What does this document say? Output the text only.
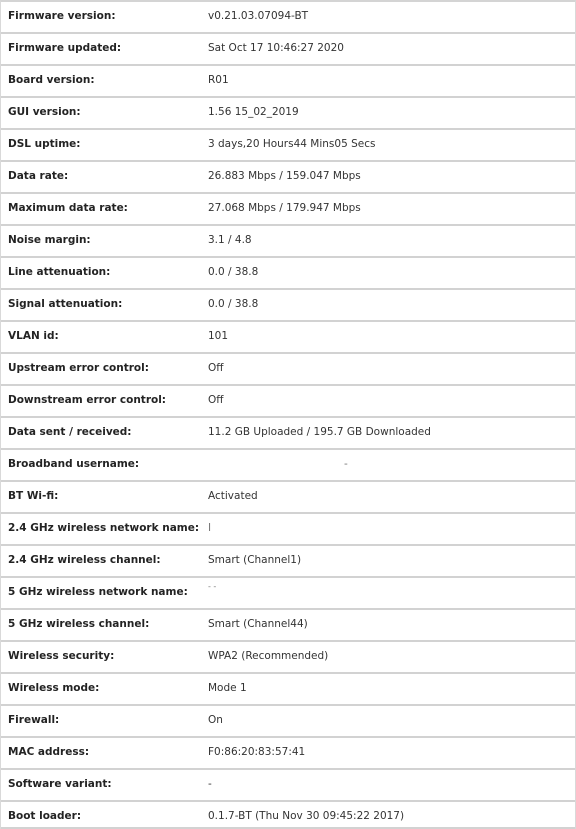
Firmware version:	v0.21.03.07094-BT
Firmware updated:	Sat Oct 17 10:46:27 2020
Board version:	R01
GUI version:	1.56 15_02_2019
DSL uptime:	3 days,20 Hours44 Mins05 Secs
Data rate:	26.883 Mbps / 159.047 Mbps
Maximum data rate:	27.068 Mbps / 179.947 Mbps
Noise margin:	3.1 / 4.8
Line attenuation:	0.0 / 38.8
Signal attenuation:	0.0 / 38.8
VLAN id:	101
Upstream error control:	Off
Downstream error control:	Off
Data sent / received:	11.2 GB Uploaded / 195.7 GB Downloaded
Broadband username:	-
BT Wi-fi:	Activated
2.4 GHz wireless network name: I
2.4 GHz wireless channel:	Smart (Channel1)
5 GHz wireless network name:	- -
5 GHz wireless channel:	Smart (Channel44)
Wireless security:	WPA2 (Recommended)
Wireless mode:	Mode 1
Firewall:	On
MAC address:	F0:86:20:83:57:41
Software variant:	-
Boot loader:	0.1.7-BT (Thu Nov 30 09:45:22 2017)
